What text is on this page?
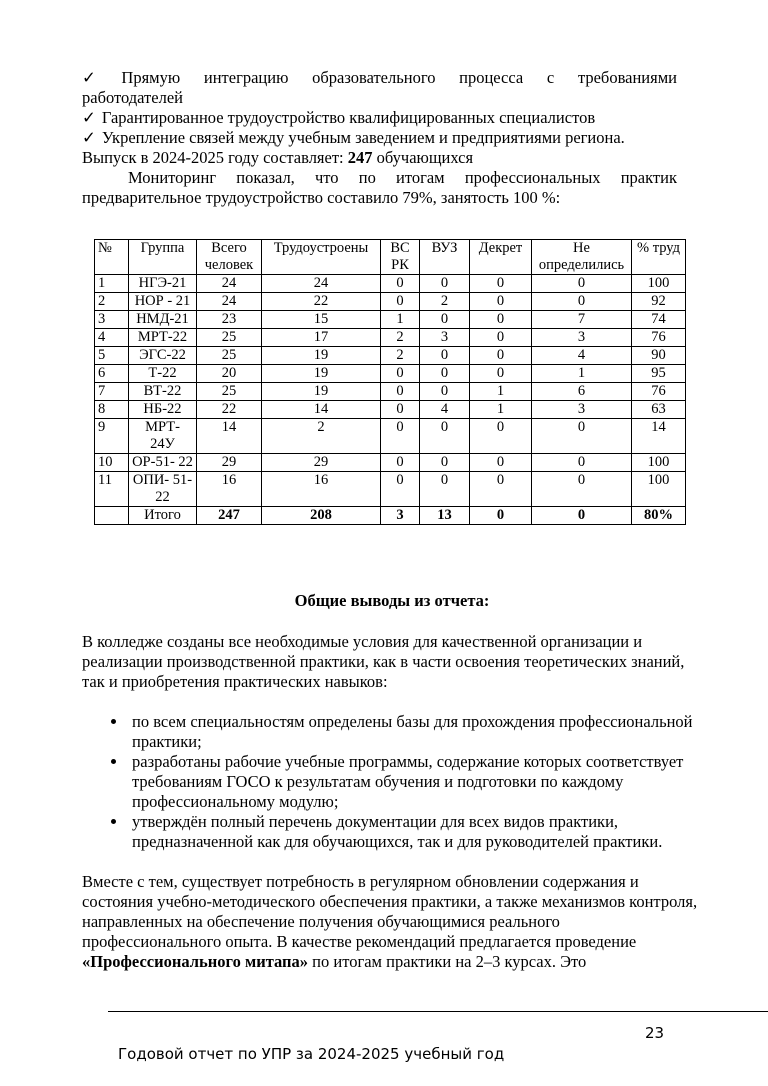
✓ Прямую интеграцию образовательного процесса с требованиями

работодателей

✓ Гарантированное трудоустройство квалифицированных специалистов

✓ Укрепление связей между учебным заведением и предприятиями региона.

Выпуск в 2024-2025 году составляет: 247 обучающихся

Мониторинг показал, что по итогам профессиональных практик

предварительное трудоустройство составило 79%, занятость 100 %:

№	Группа	Всего человек	Трудоустроены	ВС РК	ВУЗ	Декрет	Не определились	% труд
1	НГЭ-21	24	24	0	0	0	0	100
2	НОР - 21	24	22	0	2	0	0	92
3	НМД-21	23	15	1	0	0	7	74
4	МРТ-22	25	17	2	3	0	3	76
5	ЭГС-22	25	19	2	0	0	4	90
6	Т-22	20	19	0	0	0	1	95
7	ВТ-22	25	19	0	0	1	6	76
8	НБ-22	22	14	0	4	1	3	63
9	МРТ- 24У	14	2	0	0	0	0	14
10	ОР-51- 22	29	29	0	0	0	0	100
11	ОПИ- 51-22	16	16	0	0	0	0	100
	Итого	247	208	3	13	0	0	80%
Общие выводы из отчета:

В колледже созданы все необходимые условия для качественной организации и реализации производственной практики, как в части освоения теоретических знаний, так и приобретения практических навыков:

• по всем специальностям определены базы для прохождения профессиональной практики;
• разработаны рабочие учебные программы, содержание которых соответствует требованиям ГОСО к результатам обучения и подготовки по каждому профессиональному модулю;
• утверждён полный перечень документации для всех видов практики, предназначенной как для обучающихся, так и для руководителей практики.

Вместе с тем, существует потребность в регулярном обновлении содержания и состояния учебно-методического обеспечения практики, а также механизмов контроля, направленных на обеспечение получения обучающимися реального профессионального опыта. В качестве рекомендаций предлагается проведение «Профессионального митапа» по итогам практики на 2–3 курсах. Это

23
Годовой отчет по УПР за 2024-2025 учебный год
